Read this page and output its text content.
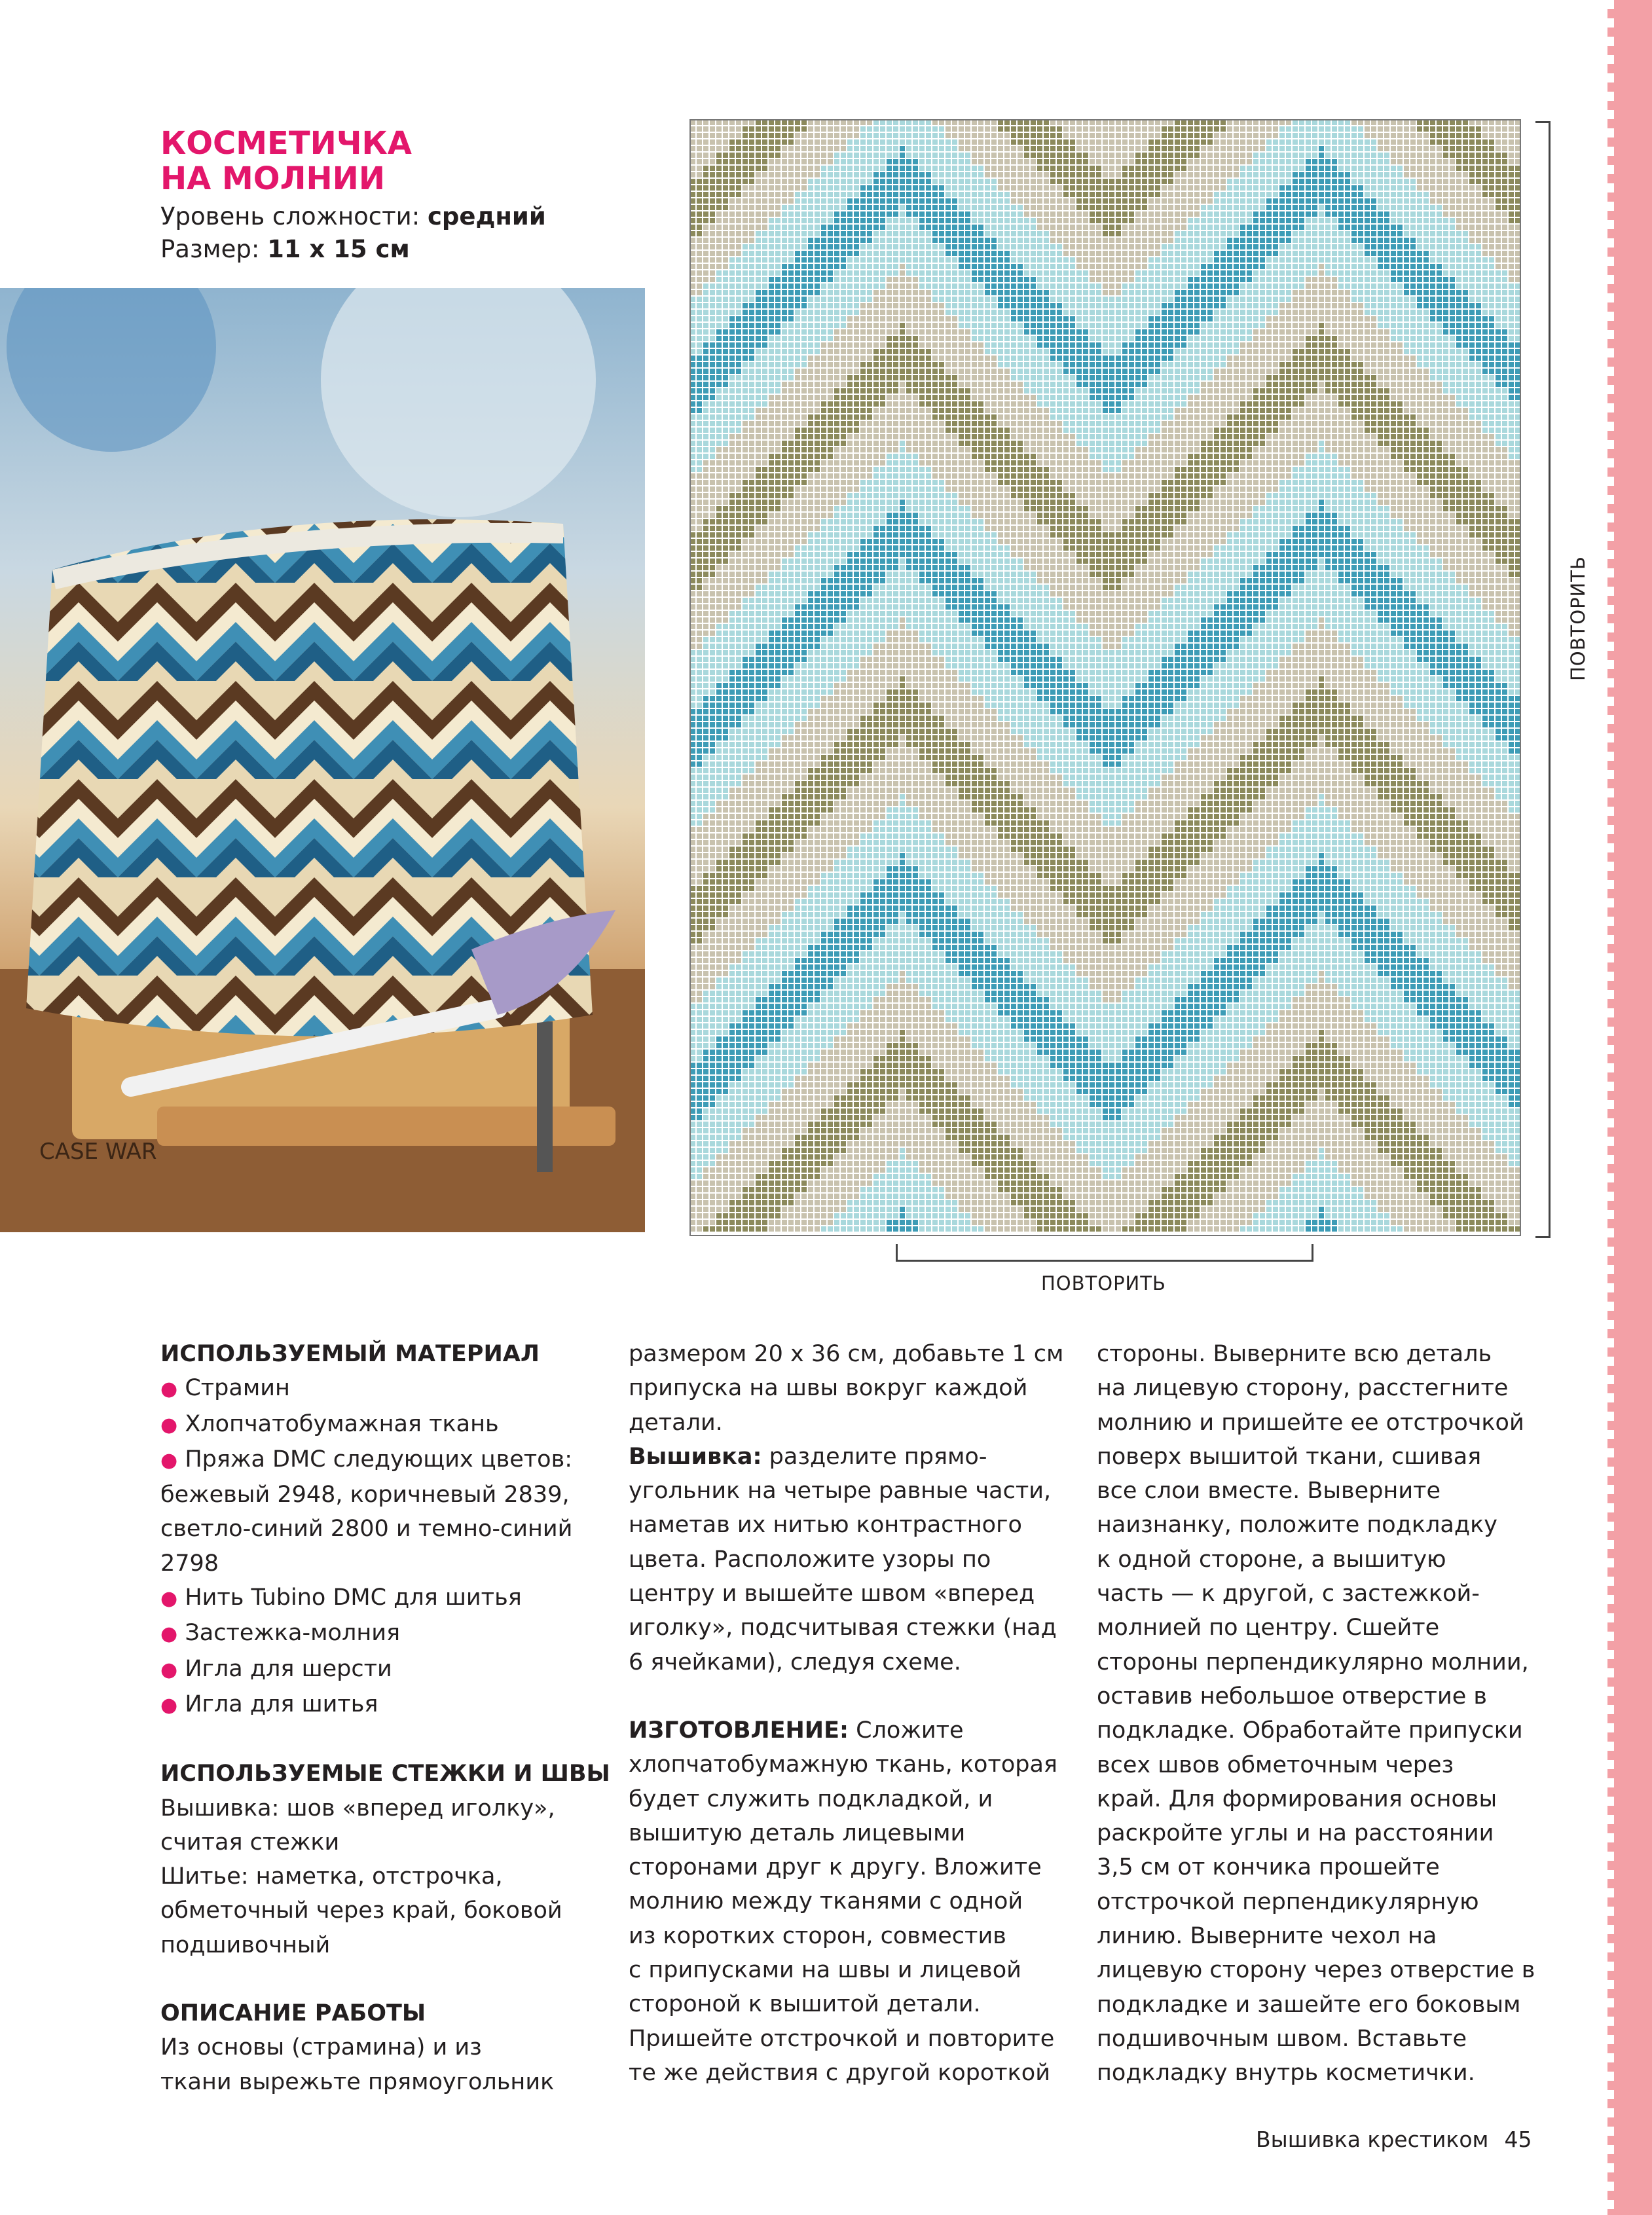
КОСМЕТИЧКА
НА МОЛНИИ

Уровень сложности: средний

Размер: 11 х 15 см

CASE WAR
ПОВТОРИТЬ
ПОВТОРИТЬ

ИСПОЛЬЗУЕМЫЙ МАТЕРИАЛ

● Страмин

● Хлопчатобумажная ткань

● Пряжа DMC следующих цветов:

бежевый 2948, коричневый 2839,

светло-синий 2800 и темно-синий

2798

● Нить Tubino DMC для шитья

● Застежка-молния

● Игла для шерсти

● Игла для шитья

ИСПОЛЬЗУЕМЫЕ СТЕЖКИ И ШВЫ

Вышивка: шов «вперед иголку»,

считая стежки

Шитье: наметка, отстрочка,

обметочный через край, боковой

подшивочный

ОПИСАНИЕ РАБОТЫ

Из основы (страмина) и из

ткани вырежьте прямоугольник

размером 20 х 36 см, добавьте 1 см

припуска на швы вокруг каждой

детали.

Вышивка: разделите прямо-

угольник на четыре равные части,

наметав их нитью контрастного

цвета. Расположите узоры по

центру и вышейте швом «вперед

иголку», подсчитывая стежки (над

6 ячейками), следуя схеме.

ИЗГОТОВЛЕНИЕ: Сложите

хлопчатобумажную ткань, которая

будет служить подкладкой, и

вышитую деталь лицевыми

сторонами друг к другу. Вложите

молнию между тканями с одной

из коротких сторон, совместив

с припусками на швы и лицевой

стороной к вышитой детали.

Пришейте отстрочкой и повторите

те же действия с другой короткой

стороны. Выверните всю деталь

на лицевую сторону, расстегните

молнию и пришейте ее отстрочкой

поверх вышитой ткани, сшивая

все слои вместе. Выверните

наизнанку, положите подкладку

к одной стороне, а вышитую

часть — к другой, с застежкой-

молнией по центру. Сшейте

стороны перпендикулярно молнии,

оставив небольшое отверстие в

подкладке. Обработайте припуски

всех швов обметочным через

край. Для формирования основы

раскройте углы и на расстоянии

3,5 см от кончика прошейте

отстрочкой перпендикулярную

линию. Выверните чехол на

лицевую сторону через отверстие в

подкладке и зашейте его боковым

подшивочным швом. Вставьте

подкладку внутрь косметички.

Вышивка крестиком 45
